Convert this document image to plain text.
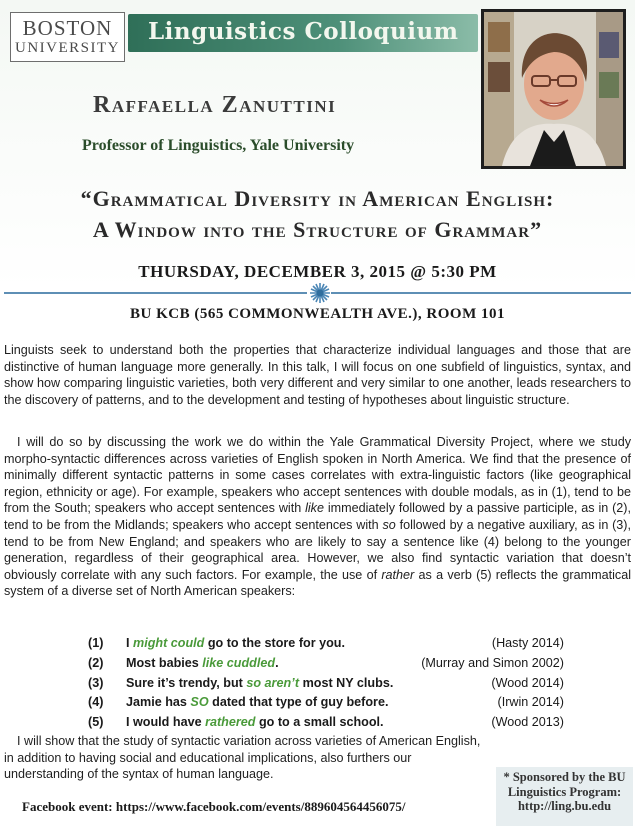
BOSTON
UNIVERSITY
Linguistics Colloquium
Raffaella Zanuttini
Professor of Linguistics, Yale University
“Grammatical Diversity in American English:
A Window into the Structure of Grammar”
THURSDAY, DECEMBER 3, 2015 @ 5:30 PM
BU KCB (565 COMMONWEALTH AVE.), ROOM 101
Linguists seek to understand both the properties that characterize individual languages and those that are distinctive of human language more generally. In this talk, I will focus on one subfield of linguistics, syntax, and show how comparing linguistic varieties, both very different and very similar to one another, leads researchers to the discovery of patterns, and to the development and testing of hypotheses about linguistic structure.
I will do so by discussing the work we do within the Yale Grammatical Diversity Project, where we study morpho-syntactic differences across varieties of English spoken in North America. We find that the presence of minimally different syntactic patterns in some cases correlates with extra-linguistic factors (like geographical region, ethnicity or age). For example, speakers who accept sentences with double modals, as in (1), tend to be from the South; speakers who accept sentences with like immediately followed by a passive participle, as in (2), tend to be from the Midlands; speakers who accept sentences with so followed by a negative auxiliary, as in (3), tend to be from New England; and speakers who are likely to say a sentence like (4) belong to the younger generation, regardless of their geographical area. However, we also find syntactic variation that doesn’t obviously correlate with any such factors. For example, the use of rather as a verb (5) reflects the grammatical system of a diverse set of North American speakers:
(1) I might could go to the store for you.	(Hasty 2014)
(2) Most babies like cuddled.	(Murray and Simon 2002)
(3) Sure it’s trendy, but so aren’t most NY clubs.	(Wood 2014)
(4) Jamie has SO dated that type of guy before.	(Irwin 2014)
(5) I would have rathered go to a small school.	(Wood 2013)
I will show that the study of syntactic variation across varieties of American English, in addition to having social and educational implications, also furthers our understanding of the syntax of human language.
Facebook event: https://www.facebook.com/events/889604564456075/
* Sponsored by the BU
Linguistics Program:
http://ling.bu.edu
